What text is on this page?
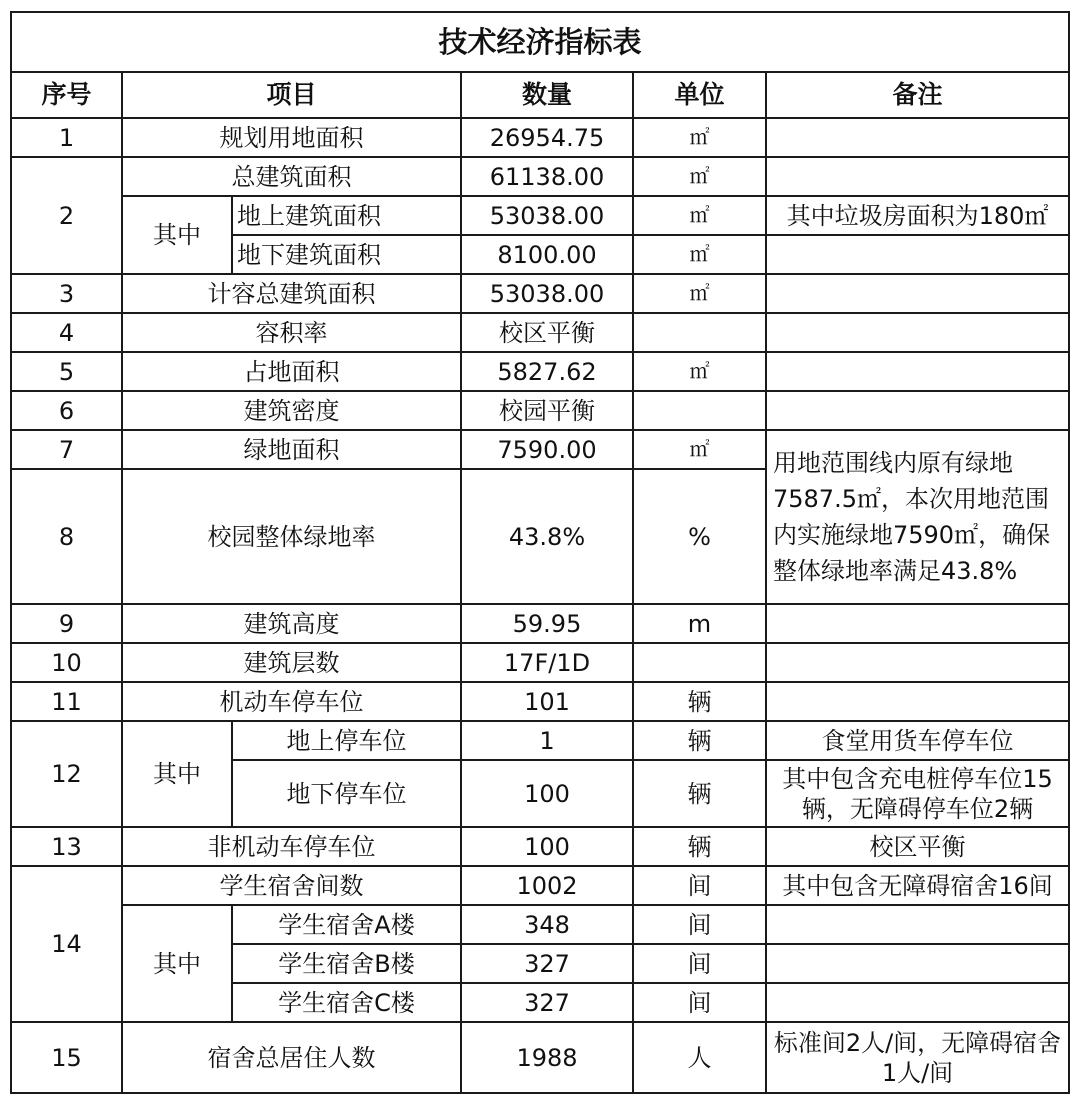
技术经济指标表					
序号	项目		数量	单位	备注
1	规划用地面积		26954.75	㎡	
2	总建筑面积		61138.00	㎡	
	其中	地上建筑面积	53038.00	㎡	其中垃圾房面积为180㎡
		地下建筑面积	8100.00	㎡	
3	计容总建筑面积		53038.00	㎡	
4	容积率		校区平衡		
5	占地面积		5827.62	㎡	
6	建筑密度		校园平衡		
7	绿地面积		7590.00	㎡	用地范围线内原有绿地7587.5㎡，本次用地范围内实施绿地7590㎡，确保整体绿地率满足43.8%
8	校园整体绿地率		43.8%	%	
9	建筑高度		59.95	m	
10	建筑层数		17F/1D		
11	机动车停车位		101	辆	
12	其中	地上停车位	1	辆	食堂用货车停车位
		地下停车位	100	辆	其中包含充电桩停车位15辆，无障碍停车位2辆
13	非机动车停车位		100	辆	校区平衡
14	学生宿舍间数		1002	间	其中包含无障碍宿舍16间
	其中	学生宿舍A楼	348	间	
		学生宿舍B楼	327	间	
		学生宿舍C楼	327	间	
15	宿舍总居住人数		1988	人	标准间2人/间，无障碍宿舍1人/间
